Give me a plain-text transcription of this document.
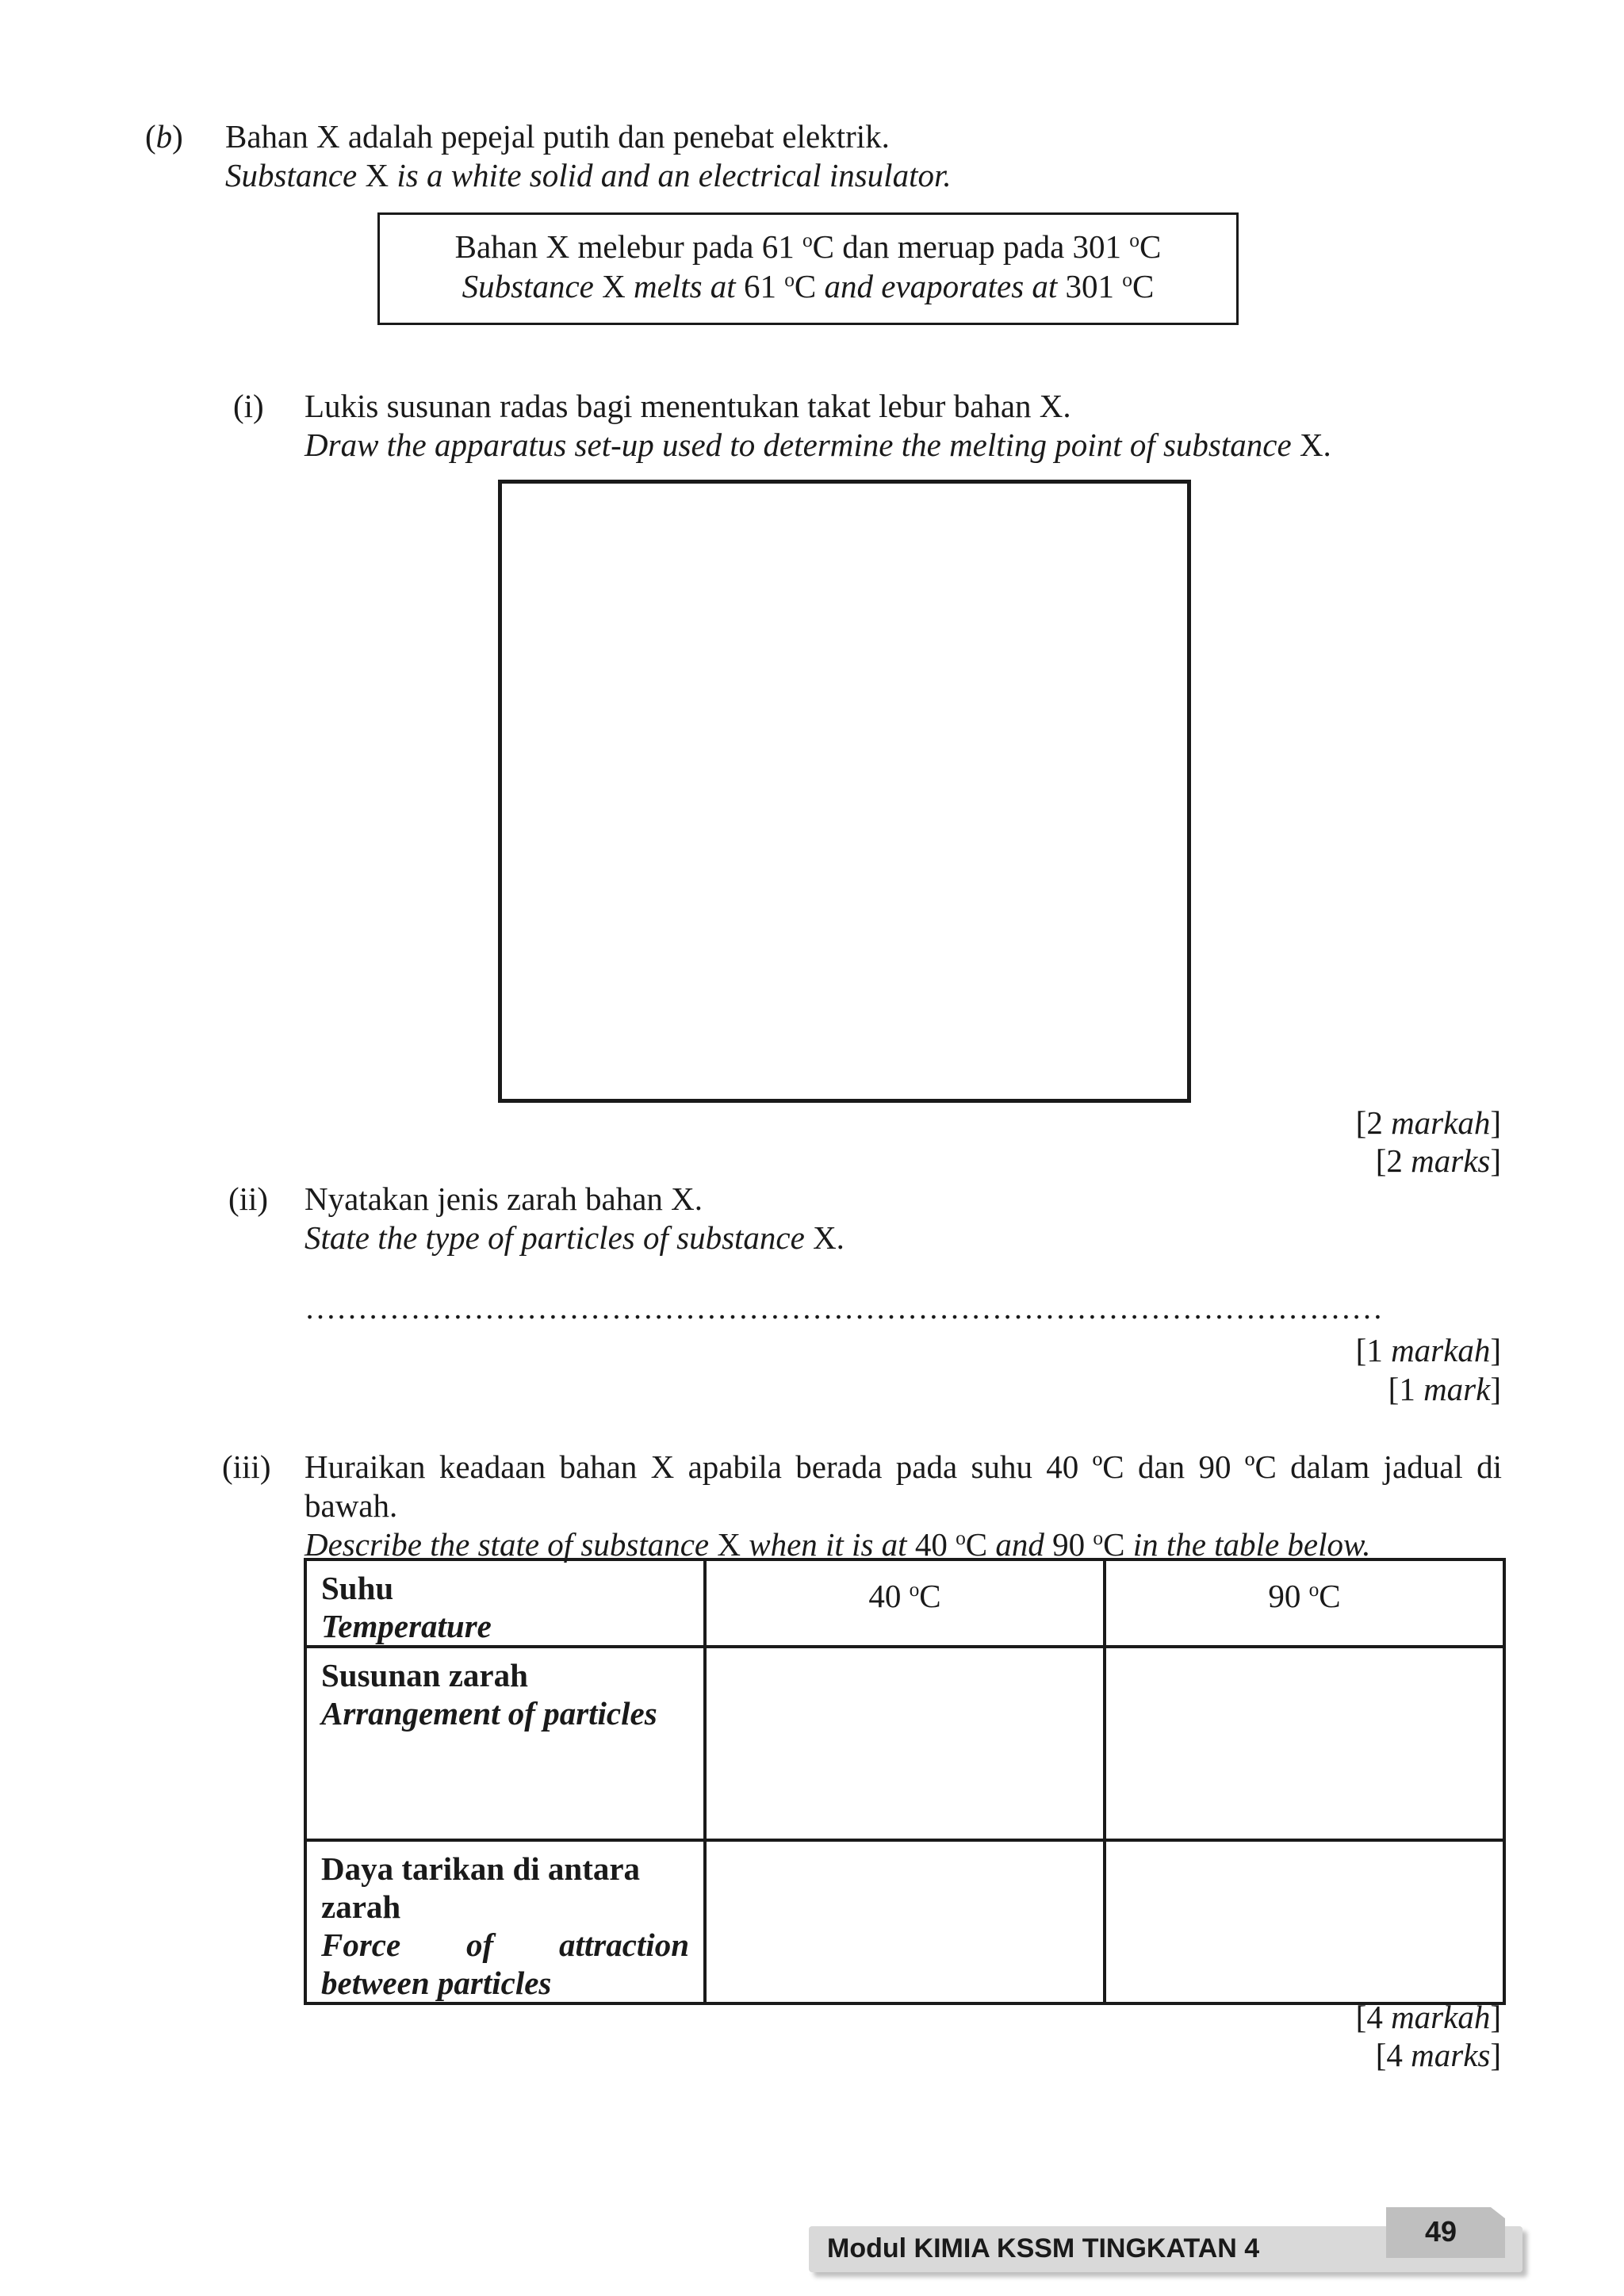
(b) Bahan X adalah pepejal putih dan penebat elektrik.
Substance X is a white solid and an electrical insulator.
Bahan X melebur pada 61 $^o$C dan meruap pada 301 $^o$C
Substance X melts at 61 $^o$C and evaporates at 301 $^o$C
(i) Lukis susunan radas bagi menentukan takat lebur bahan X.
Draw the apparatus set-up used to determine the melting point of substance X.
[2 markah]
[2 marks]
(ii) Nyatakan jenis zarah bahan X.
State the type of particles of substance X.
…………………………………………………………………………………………
[1 markah]
[1 mark]
(iii) Huraikan keadaan bahan X apabila berada pada suhu 40 ºC dan 90 ºC dalam jadual di
bawah.
Describe the state of substance X when it is at 40 $^o$C and 90 $^o$C in the table below.
Suhu
Temperature	40 $^o$C	90 $^o$C

Susunan zarah
Arrangement of particles		

Daya tarikan di antara zarah
Force of attraction between particles		

[4 markah]
[4 marks]
Modul KIMIA KSSM TINGKATAN 4
49
